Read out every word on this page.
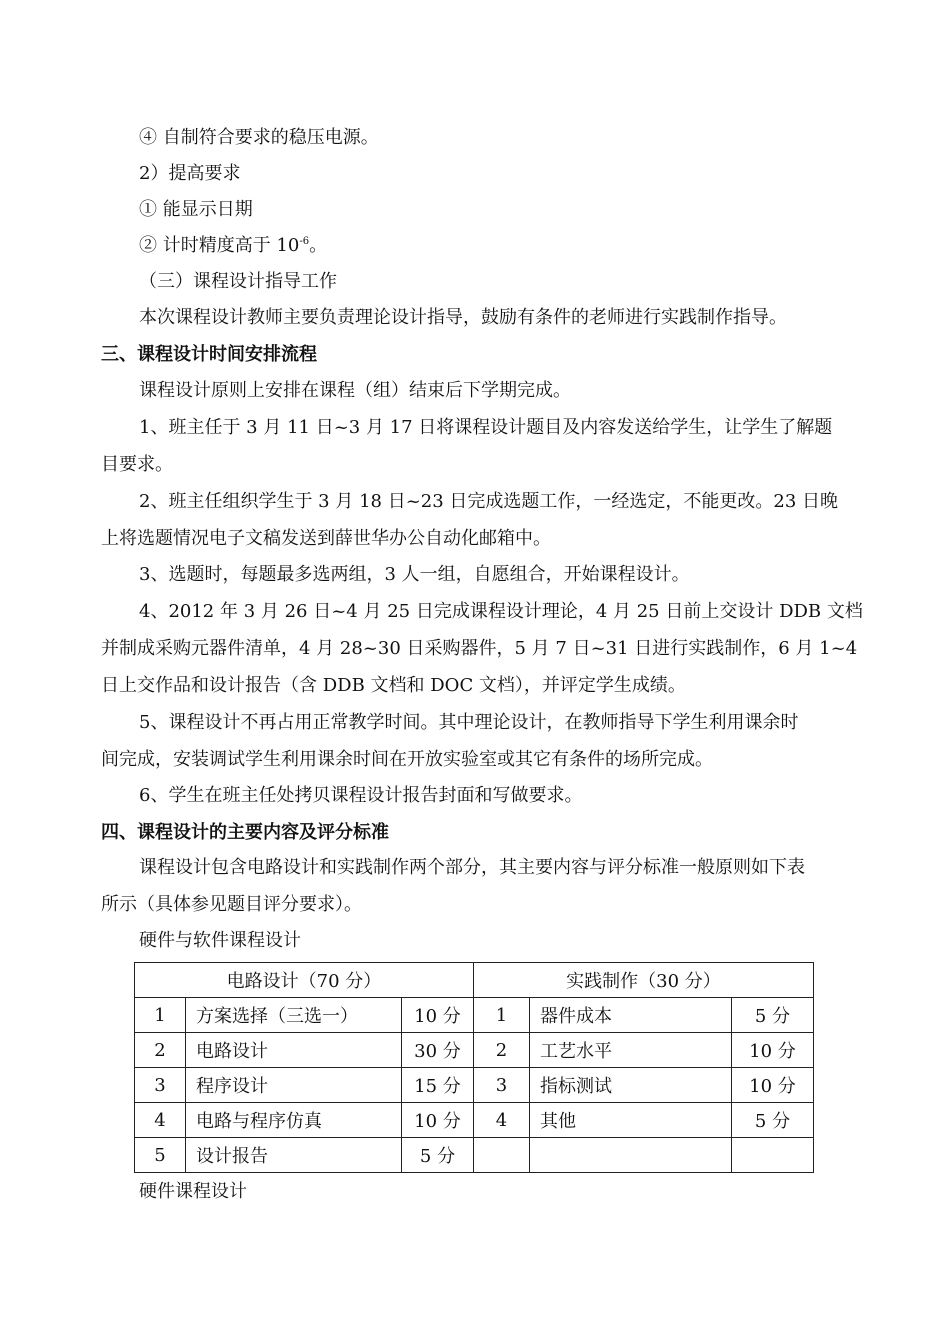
④ 自制符合要求的稳压电源。
2）提高要求
① 能显示日期
② 计时精度高于 $10^{-6}$。
（三）课程设计指导工作
本次课程设计教师主要负责理论设计指导，鼓励有条件的老师进行实践制作指导。
三、课程设计时间安排流程
课程设计原则上安排在课程（组）结束后下学期完成。
1、班主任于 3 月 11 日~3 月 17 日将课程设计题目及内容发送给学生，让学生了解题
目要求。
2、班主任组织学生于 3 月 18 日~23 日完成选题工作，一经选定，不能更改。23 日晚
上将选题情况电子文稿发送到薛世华办公自动化邮箱中。
3、选题时，每题最多选两组，3 人一组，自愿组合，开始课程设计。
4、2012 年 3 月 26 日~4 月 25 日完成课程设计理论，4 月 25 日前上交设计 DDB 文档
并制成采购元器件清单，4 月 28~30 日采购器件，5 月 7 日~31 日进行实践制作，6 月 1~4
日上交作品和设计报告（含 DDB 文档和 DOC 文档），并评定学生成绩。
5、课程设计不再占用正常教学时间。其中理论设计，在教师指导下学生利用课余时
间完成，安装调试学生利用课余时间在开放实验室或其它有条件的场所完成。
6、学生在班主任处拷贝课程设计报告封面和写做要求。
四、课程设计的主要内容及评分标准
课程设计包含电路设计和实践制作两个部分，其主要内容与评分标准一般原则如下表
所示（具体参见题目评分要求）。
硬件与软件课程设计
电路设计（70 分）			实践制作（30 分）		
1	方案选择（三选一）	10 分	1	器件成本	5 分
2	电路设计	30 分	2	工艺水平	10 分
3	程序设计	15 分	3	指标测试	10 分
4	电路与程序仿真	10 分	4	其他	5 分
5	设计报告	5 分			
硬件课程设计
